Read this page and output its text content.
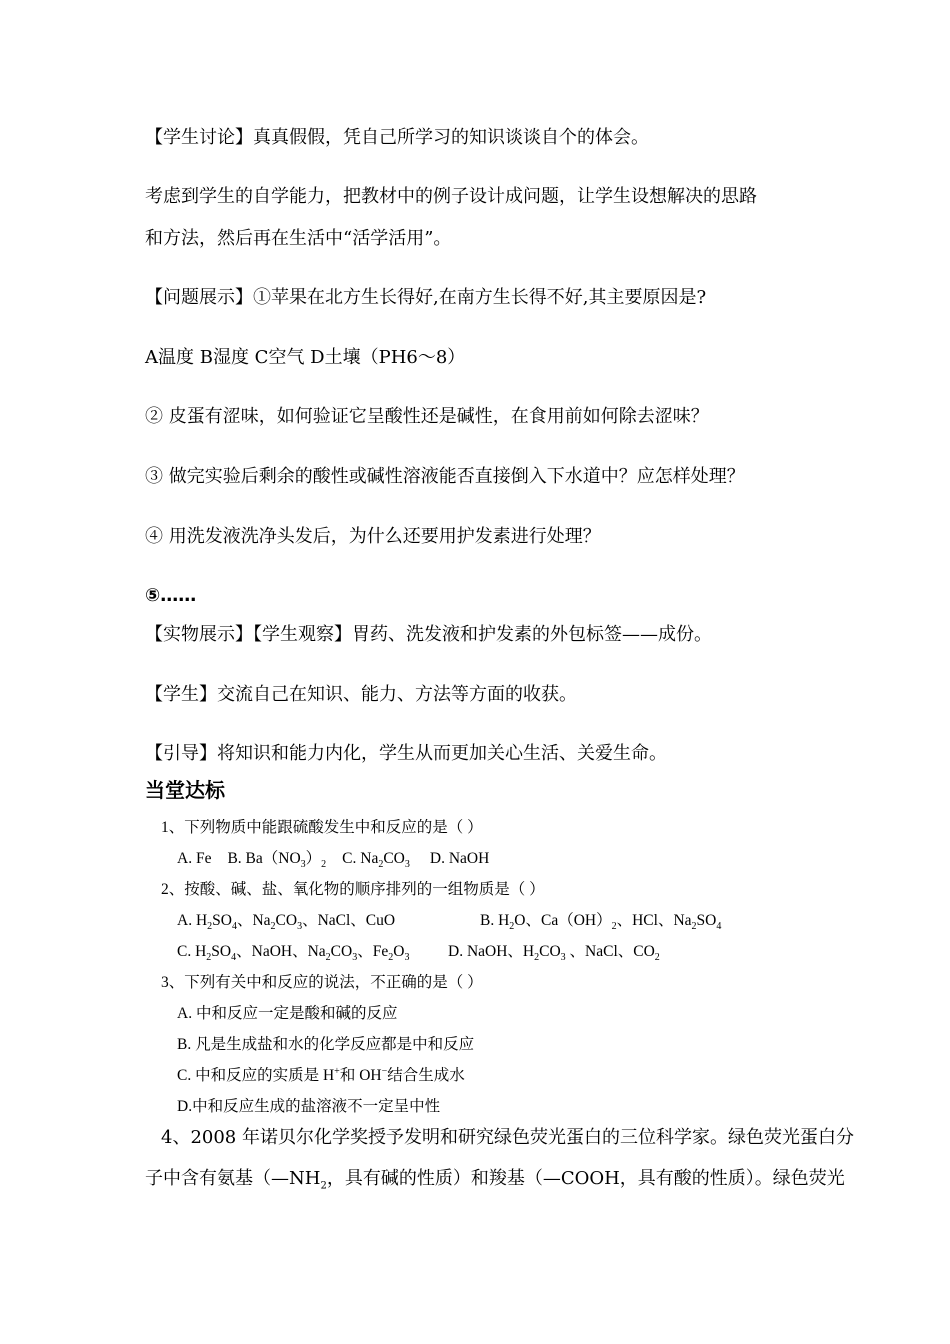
【学生讨论】真真假假，凭自己所学习的知识谈谈自个的体会。
考虑到学生的自学能力，把教材中的例子设计成问题，让学生设想解决的思路
和方法，然后再在生活中“活学活用”。
【问题展示】①苹果在北方生长得好,在南方生长得不好,其主要原因是?
A温度 B湿度 C空气 D土壤（PH6～8）
② 皮蛋有涩味，如何验证它呈酸性还是碱性，在食用前如何除去涩味？
③ 做完实验后剩余的酸性或碱性溶液能否直接倒入下水道中？应怎样处理？
④ 用洗发液洗净头发后，为什么还要用护发素进行处理？
⑤……
【实物展示】【学生观察】胃药、洗发液和护发素的外包标签——成份。
【学生】交流自己在知识、能力、方法等方面的收获。
【引导】将知识和能力内化，学生从而更加关心生活、关爱生命。
当堂达标
1、下列物质中能跟硫酸发生中和反应的是（ ）
A. Fe B. $Ba(NO_3)_2$ C. $Na_2CO_3$ D. NaOH
2、按酸、碱、盐、氧化物的顺序排列的一组物质是（ ）
A. $H_2SO_4$、$Na_2CO_3$、NaCl、CuO	B. $H_2O$、$Ca(OH)_2$、HCl、$Na_2SO_4$
C. $H_2SO_4$、NaOH、$Na_2CO_3$、$Fe_2O_3$ D. NaOH、$H_2CO_3$ 、NaCl、$CO_2$
3、下列有关中和反应的说法，不正确的是（ ）
A. 中和反应一定是酸和碱的反应
B. 凡是生成盐和水的化学反应都是中和反应
C. 中和反应的实质是 H+和 OH−结合生成水
D.中和反应生成的盐溶液不一定呈中性
4、2008 年诺贝尔化学奖授予发明和研究绿色荧光蛋白的三位科学家。绿色荧光蛋白分
子中含有氨基（$—NH_2$，具有碱的性质）和羧基（—COOH，具有酸的性质）。绿色荧光
